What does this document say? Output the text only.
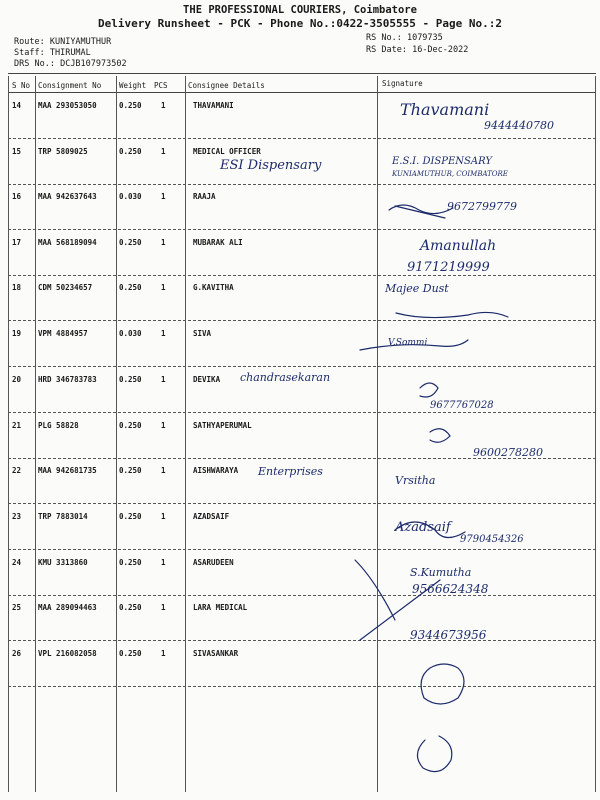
THE PROFESSIONAL COURIERS, Coimbatore
Delivery Runsheet - PCK - Phone No.:0422-3505555 - Page No.:2
Route: KUNIYAMUTHUR
Staff: THIRUMAL
DRS No.: DCJB107973502
RS No.: 1079735
RS Date: 16-Dec-2022
S No Consignment No Weight PCS	Consignee Details	Signature
14 MAA 293053050	0.250	1	THAVAMANI	Thavamani
9444440780
15 TRP 5809025	0.250	1	MEDICAL OFFICER
ESI Dispensary	E.S.I. DISPENSARY
KUNIAMUTHUR, COIMBATORE
16 MAA 942637643	0.030	1	RAAJA
9672799779
17 MAA 568189094	0.250	1	MUBARAK ALI	Amanullah
9171219999
18 CDM 50234657	0.250	1	G.KAVITHA	Majee Dust
19 VPM 4884957	0.030	1	SIVA
V.Sommi
20 HRD 346783783	0.250	1	DEVIKA chandrasekaran
9677767028
21 PLG 58828	0.250	1	SATHYAPERUMAL
9600278280
22 MAA 942681735	0.250	1	AISHWARAYA Enterprises
Vrsitha
23 TRP 7883014	0.250	1	AZADSAIF
Azadsaif
9790454326
24 KMU 3313860	0.250	1	ASARUDEEN
S.Kumutha
9566624348
25 MAA 289094463	0.250	1	LARA MEDICAL
9344673956
26 VPL 216082058	0.250	1	SIVASANKAR
